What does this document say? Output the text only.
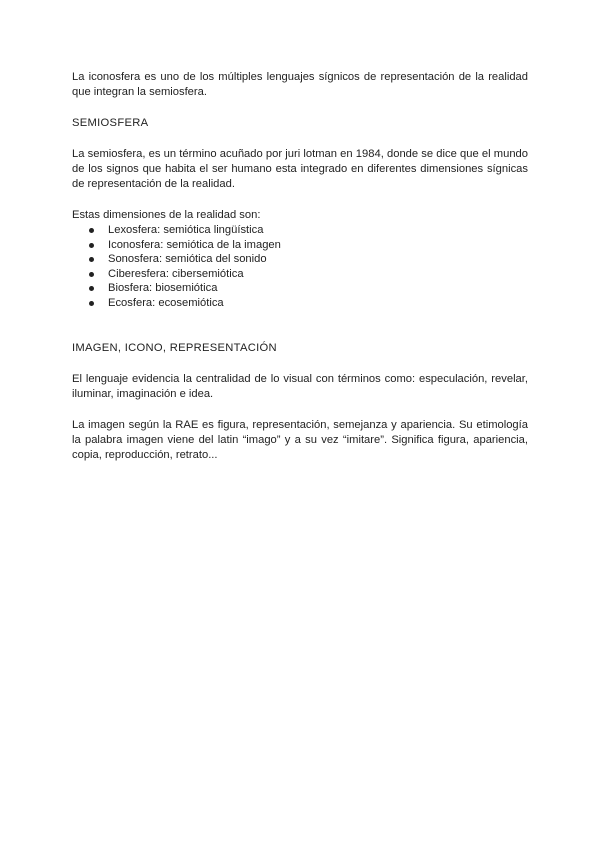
La iconosfera es uno de los múltiples lenguajes sígnicos de representación de la realidad que integran la semiosfera.

SEMIOSFERA

La semiosfera, es un término acuñado por juri lotman en 1984, donde se dice que el mundo de los signos que habita el ser humano esta integrado en diferentes dimensiones sígnicas de representación de la realidad.

Estas dimensiones de la realidad son:

Lexosfera: semiótica lingüística
Iconosfera: semiótica de la imagen
Sonosfera: semiótica del sonido
Ciberesfera: cibersemiótica
Biosfera: biosemiótica
Ecosfera: ecosemiótica
IMAGEN, ICONO, REPRESENTACIÓN

El lenguaje evidencia la centralidad de lo visual con términos como: especulación, revelar, iluminar, imaginación e idea.

La imagen según la RAE es figura, representación, semejanza y apariencia. Su etimología la palabra imagen viene del latin “imago” y a su vez “imitare”. Significa figura, apariencia, copia, reproducción, retrato...
